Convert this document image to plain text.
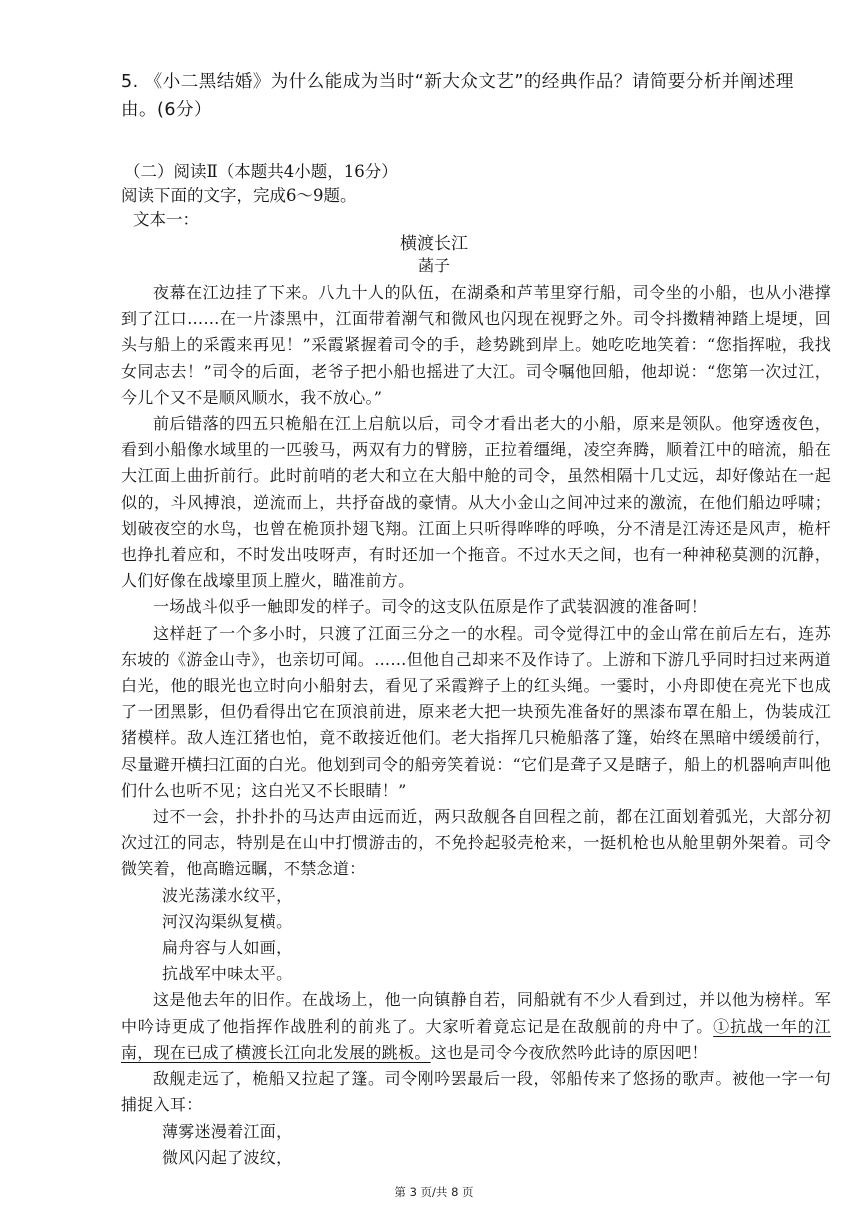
5. 《小二黑结婚》为什么能成为当时“新大众文艺”的经典作品？请简要分析并阐述理由。(6分）
（二）阅读Ⅱ（本题共4小题，16分）
阅读下面的文字，完成6～9题。
文本一：
横渡长江
菡子

夜幕在江边挂了下来。八九十人的队伍，在湖桑和芦苇里穿行船，司令坐的小船，也从小港撑到了江口……在一片漆黑中，江面带着潮气和微风也闪现在视野之外。司令抖擞精神踏上堤埂，回头与船上的采霞来再见！”采霞紧握着司令的手，趁势跳到岸上。她吃吃地笑着：“您指挥啦，我找女同志去！”司令的后面，老爷子把小船也摇进了大江。司令嘱他回船，他却说：“您第一次过江，今儿个又不是顺风顺水，我不放心。”

前后错落的四五只桅船在江上启航以后，司令才看出老大的小船，原来是领队。他穿透夜色，看到小船像水域里的一匹骏马，两双有力的臂膀，正拉着缰绳，凌空奔腾，顺着江中的暗流，船在大江面上曲折前行。此时前哨的老大和立在大船中舱的司令，虽然相隔十几丈远，却好像站在一起似的，斗风搏浪，逆流而上，共抒奋战的豪情。从大小金山之间冲过来的激流，在他们船边呼啸；划破夜空的水鸟，也曾在桅顶扑翅飞翔。江面上只听得哗哗的呼唤，分不清是江涛还是风声，桅杆也挣扎着应和，不时发出吱呀声，有时还加一个拖音。不过水天之间，也有一种神秘莫测的沉静，人们好像在战壕里顶上膛火，瞄准前方。

一场战斗似乎一触即发的样子。司令的这支队伍原是作了武装泅渡的准备呵！

这样赶了一个多小时，只渡了江面三分之一的水程。司令觉得江中的金山常在前后左右，连苏东坡的《游金山寺》，也亲切可闻。……但他自己却来不及作诗了。上游和下游几乎同时扫过来两道白光，他的眼光也立时向小船射去，看见了采霞辫子上的红头绳。一霎时，小舟即使在亮光下也成了一团黑影，但仍看得出它在顶浪前进，原来老大把一块预先准备好的黑漆布罩在船上，伪装成江猪模样。敌人连江猪也怕，竟不敢接近他们。老大指挥几只桅船落了篷，始终在黑暗中缓缓前行，尽量避开横扫江面的白光。他划到司令的船旁笑着说：“它们是聋子又是瞎子，船上的机器响声叫他们什么也听不见；这白光又不长眼睛！”

过不一会，扑扑扑的马达声由远而近，两只敌舰各自回程之前，都在江面划着弧光，大部分初次过江的同志，特别是在山中打惯游击的，不免拎起驳壳枪来，一挺机枪也从舱里朝外架着。司令微笑着，他高瞻远瞩，不禁念道：

波光荡漾水纹平，
河汉沟渠纵复横。
扁舟容与人如画，
抗战军中味太平。

这是他去年的旧作。在战场上，他一向镇静自若，同船就有不少人看到过，并以他为榜样。军中吟诗更成了他指挥作战胜利的前兆了。大家听着竟忘记是在敌舰前的舟中了。①抗战一年的江南，现在已成了横渡长江向北发展的跳板。这也是司令今夜欣然吟此诗的原因吧！

敌舰走远了，桅船又拉起了篷。司令刚吟罢最后一段，邻船传来了悠扬的歌声。被他一字一句捕捉入耳：

薄雾迷漫着江面，
微风闪起了波纹，
第 3 页/共 8 页
